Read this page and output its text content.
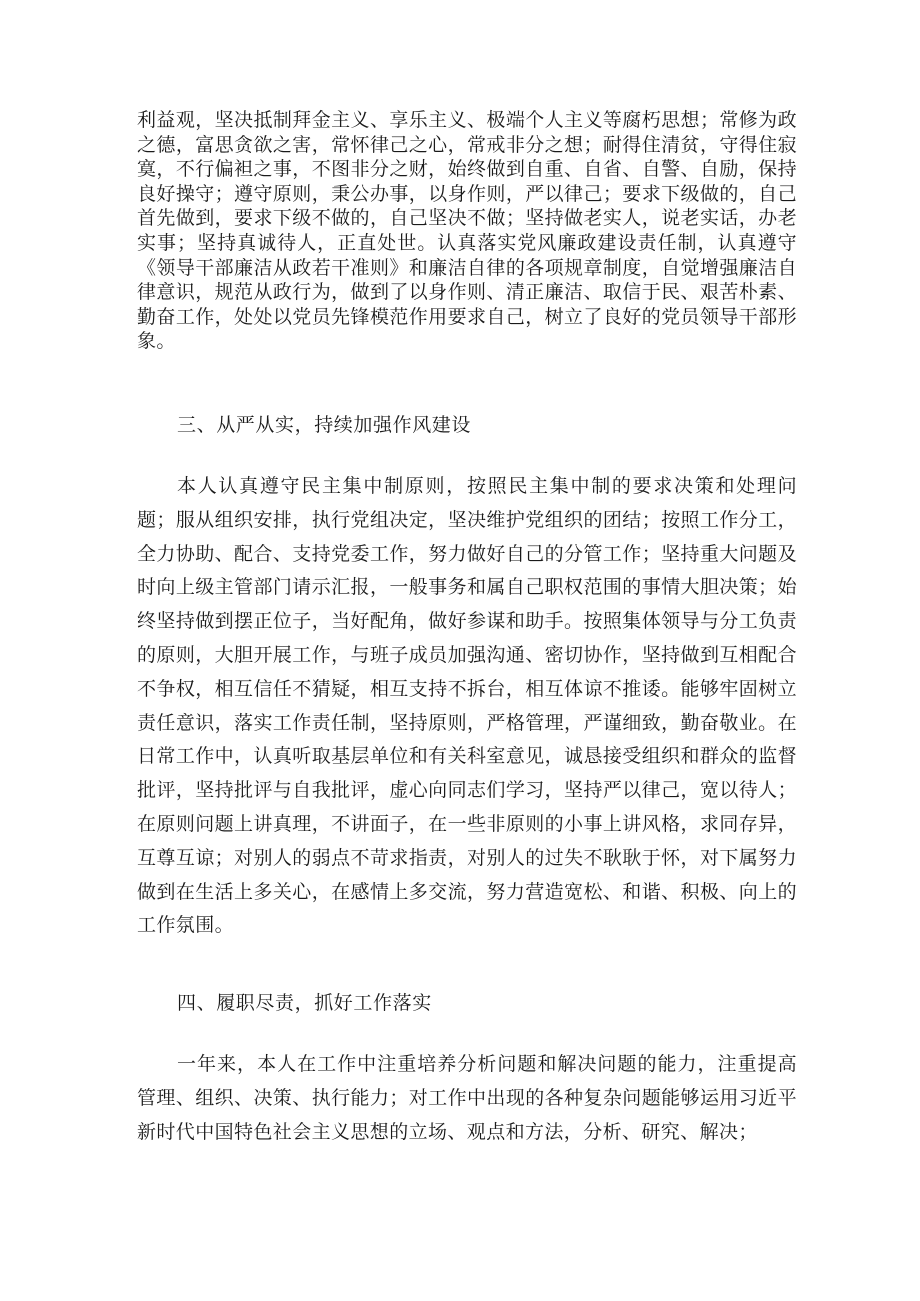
利益观，坚决抵制拜金主义、享乐主义、极端个人主义等腐朽思想；常修为政之德，富思贪欲之害，常怀律己之心，常戒非分之想；耐得住清贫，守得住寂寞，不行偏袒之事，不图非分之财，始终做到自重、自省、自警、自励，保持良好操守；遵守原则，秉公办事，以身作则，严以律己；要求下级做的，自己首先做到，要求下级不做的，自己坚决不做；坚持做老实人，说老实话，办老实事；坚持真诚待人，正直处世。认真落实党风廉政建设责任制，认真遵守《领导干部廉洁从政若干准则》和廉洁自律的各项规章制度，自觉增强廉洁自律意识，规范从政行为，做到了以身作则、清正廉洁、取信于民、艰苦朴素、勤奋工作，处处以党员先锋模范作用要求自己，树立了良好的党员领导干部形象。
三、从严从实，持续加强作风建设
本人认真遵守民主集中制原则，按照民主集中制的要求决策和处理问题；服从组织安排，执行党组决定，坚决维护党组织的团结；按照工作分工，全力协助、配合、支持党委工作，努力做好自己的分管工作；坚持重大问题及时向上级主管部门请示汇报，一般事务和属自己职权范围的事情大胆决策；始终坚持做到摆正位子，当好配角，做好参谋和助手。按照集体领导与分工负责的原则，大胆开展工作，与班子成员加强沟通、密切协作，坚持做到互相配合不争权，相互信任不猜疑，相互支持不拆台，相互体谅不推诿。能够牢固树立责任意识，落实工作责任制，坚持原则，严格管理，严谨细致，勤奋敬业。在日常工作中，认真听取基层单位和有关科室意见，诚恳接受组织和群众的监督批评，坚持批评与自我批评，虚心向同志们学习，坚持严以律己，宽以待人；在原则问题上讲真理，不讲面子，在一些非原则的小事上讲风格，求同存异，互尊互谅；对别人的弱点不苛求指责，对别人的过失不耿耿于怀，对下属努力做到在生活上多关心，在感情上多交流，努力营造宽松、和谐、积极、向上的工作氛围。
四、履职尽责，抓好工作落实
一年来，本人在工作中注重培养分析问题和解决问题的能力，注重提高管理、组织、决策、执行能力；对工作中出现的各种复杂问题能够运用习近平新时代中国特色社会主义思想的立场、观点和方法，分析、研究、解决；
